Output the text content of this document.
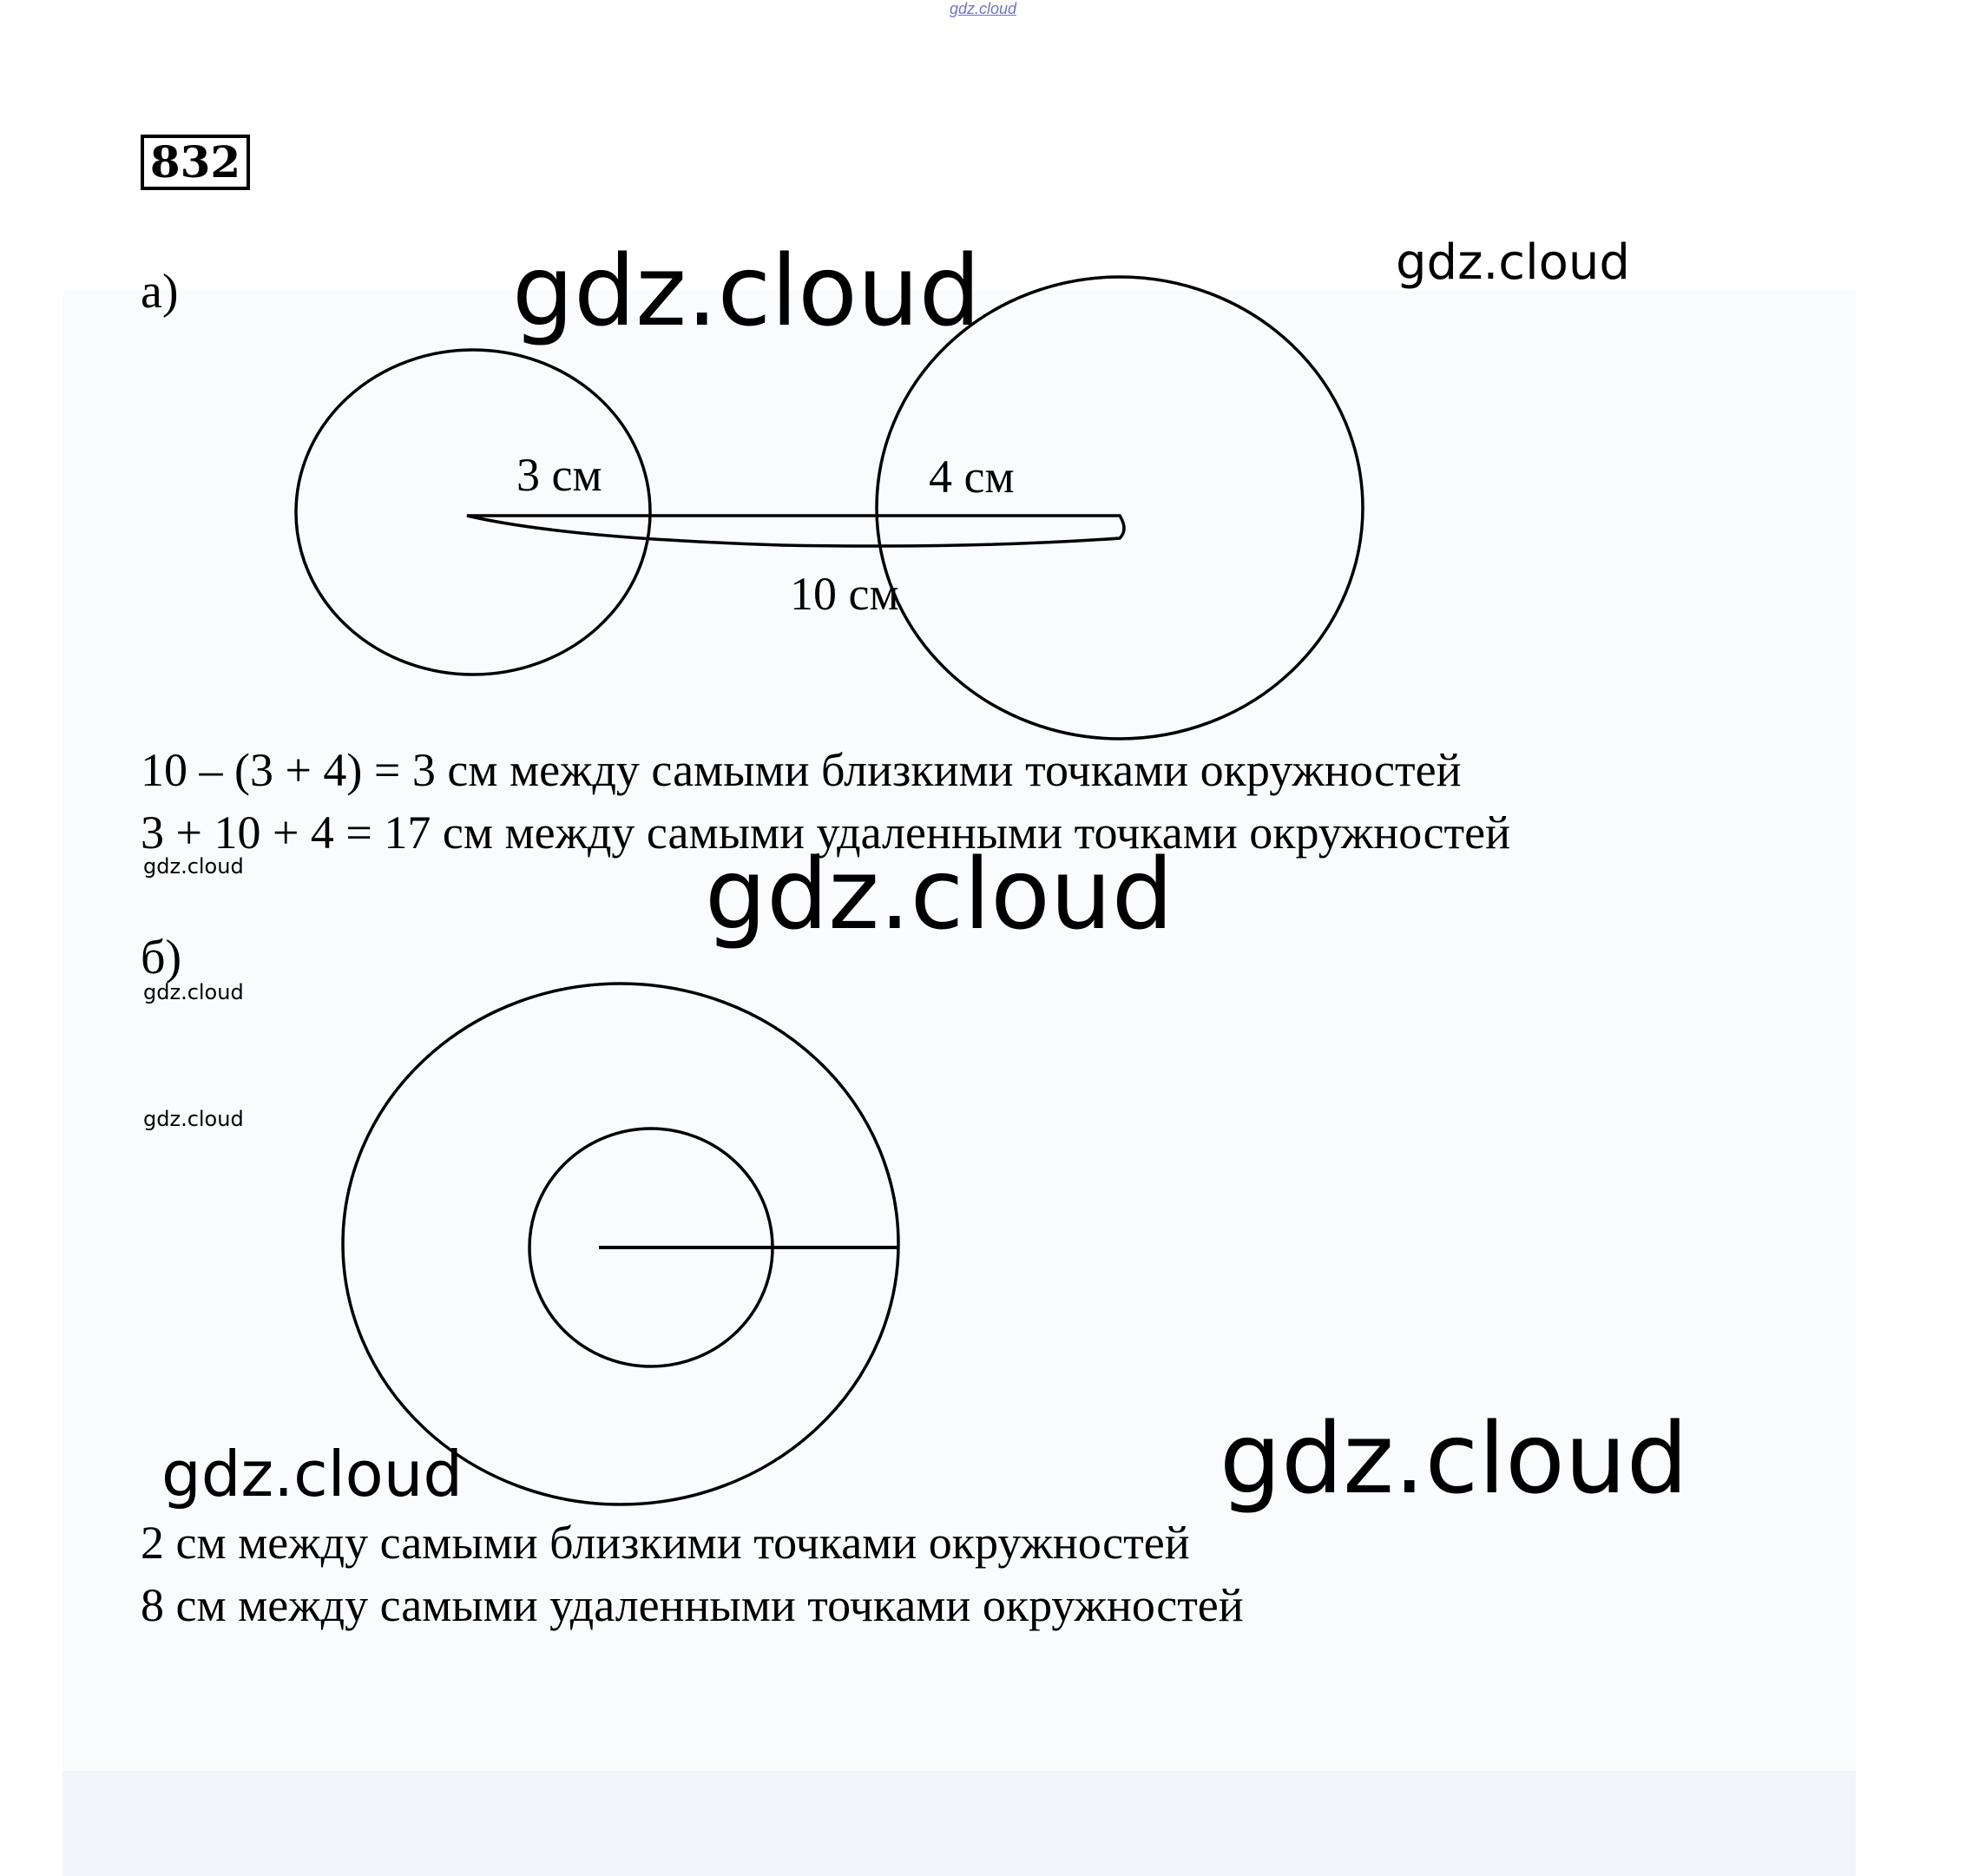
gdz.cloud
832
а)
3 см	4 см
10 см
10 – (3 + 4) = 3 см между самыми близкими точками окружностей
3 + 10 + 4 = 17 см между самыми удаленными точками окружностей
б)
2 см между самыми близкими точками окружностей
8 см между самыми удаленными точками окружностей
gdz.cloud	gdz.cloud
gdz.cloud	gdz.cloud
gdz.cloud
gdz.cloud
gdz.cloud	gdz.cloud
